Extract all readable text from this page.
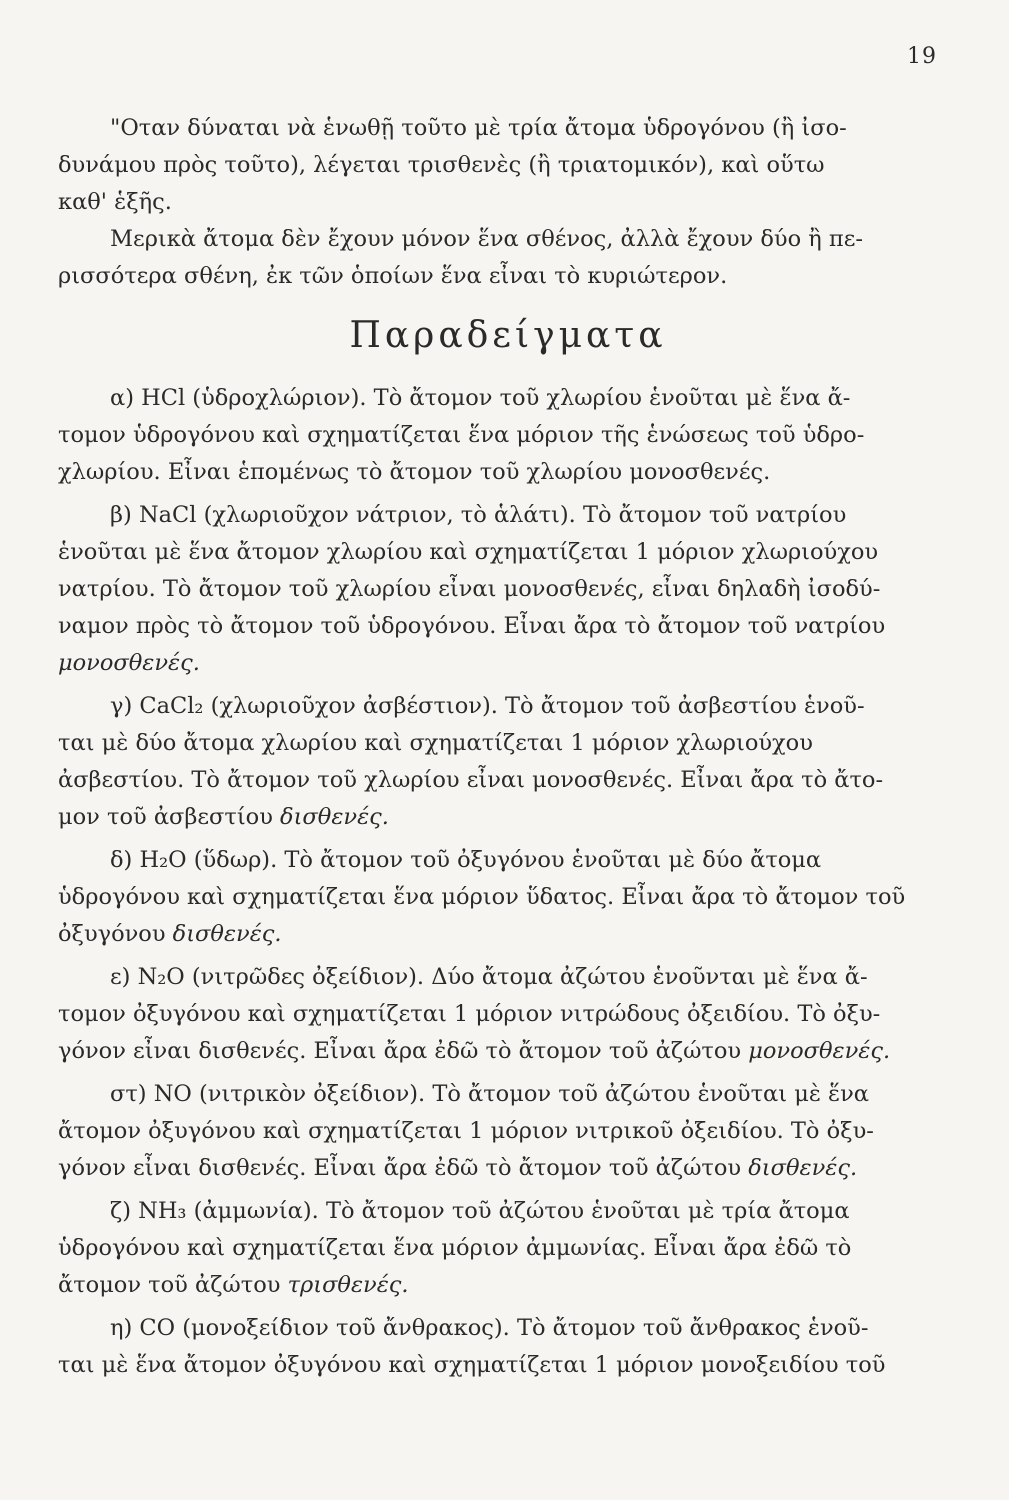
19
"Οταν δύναται νὰ ἑνωθῇ τοῦτο μὲ τρία ἄτομα ὑδρογόνου (ἢ ἰσο-
δυνάμου πρὸς τοῦτο), λέγεται τρισθενὲς (ἢ τριατομικόν), καὶ οὕτω
καθ' ἑξῆς.
Μερικὰ ἄτομα δὲν ἔχουν μόνον ἕνα σθένος, ἀλλὰ ἔχουν δύο ἢ πε-
ρισσότερα σθένη, ἐκ τῶν ὁποίων ἕνα εἶναι τὸ κυριώτερον.
Παραδείγματα
α) HCl (ὑδροχλώριον). Τὸ ἄτομον τοῦ χλωρίου ἑνοῦται μὲ ἕνα ἄ-
τομον ὑδρογόνου καὶ σχηματίζεται ἕνα μόριον τῆς ἑνώσεως τοῦ ὑδρο-
χλωρίου. Εἶναι ἑπομένως τὸ ἄτομον τοῦ χλωρίου μονοσθενές.
β) NaCl (χλωριοῦχον νάτριον, τὸ ἁλάτι). Τὸ ἄτομον τοῦ νατρίου
ἑνοῦται μὲ ἕνα ἄτομον χλωρίου καὶ σχηματίζεται 1 μόριον χλωριούχου
νατρίου. Τὸ ἄτομον τοῦ χλωρίου εἶναι μονοσθενές, εἶναι δηλαδὴ ἰσοδύ-
ναμον πρὸς τὸ ἄτομον τοῦ ὑδρογόνου. Εἶναι ἄρα τὸ ἄτομον τοῦ νατρίου
μονοσθενές.
γ) CaCl₂ (χλωριοῦχον ἀσβέστιον). Τὸ ἄτομον τοῦ ἀσβεστίου ἑνοῦ-
ται μὲ δύο ἄτομα χλωρίου καὶ σχηματίζεται 1 μόριον χλωριούχου
ἀσβεστίου. Τὸ ἄτομον τοῦ χλωρίου εἶναι μονοσθενές. Εἶναι ἄρα τὸ ἄτο-
μον τοῦ ἀσβεστίου δισθενές.
δ) H₂O (ὕδωρ). Τὸ ἄτομον τοῦ ὀξυγόνου ἑνοῦται μὲ δύο ἄτομα
ὑδρογόνου καὶ σχηματίζεται ἕνα μόριον ὕδατος. Εἶναι ἄρα τὸ ἄτομον τοῦ
ὀξυγόνου δισθενές.
ε) N₂O (νιτρῶδες ὀξείδιον). Δύο ἄτομα ἀζώτου ἑνοῦνται μὲ ἕνα ἄ-
τομον ὀξυγόνου καὶ σχηματίζεται 1 μόριον νιτρώδους ὀξειδίου. Τὸ ὀξυ-
γόνον εἶναι δισθενές. Εἶναι ἄρα ἐδῶ τὸ ἄτομον τοῦ ἀζώτου μονοσθενές.
στ) NO (νιτρικὸν ὀξείδιον). Τὸ ἄτομον τοῦ ἀζώτου ἑνοῦται μὲ ἕνα
ἄτομον ὀξυγόνου καὶ σχηματίζεται 1 μόριον νιτρικοῦ ὀξειδίου. Τὸ ὀξυ-
γόνον εἶναι δισθενές. Εἶναι ἄρα ἐδῶ τὸ ἄτομον τοῦ ἀζώτου δισθενές.
ζ) NH₃ (ἀμμωνία). Τὸ ἄτομον τοῦ ἀζώτου ἑνοῦται μὲ τρία ἄτομα
ὑδρογόνου καὶ σχηματίζεται ἕνα μόριον ἀμμωνίας. Εἶναι ἄρα ἐδῶ τὸ
ἄτομον τοῦ ἀζώτου τρισθενές.
η) CO (μονοξείδιον τοῦ ἄνθρακος). Τὸ ἄτομον τοῦ ἄνθρακος ἑνοῦ-
ται μὲ ἕνα ἄτομον ὀξυγόνου καὶ σχηματίζεται 1 μόριον μονοξειδίου τοῦ
